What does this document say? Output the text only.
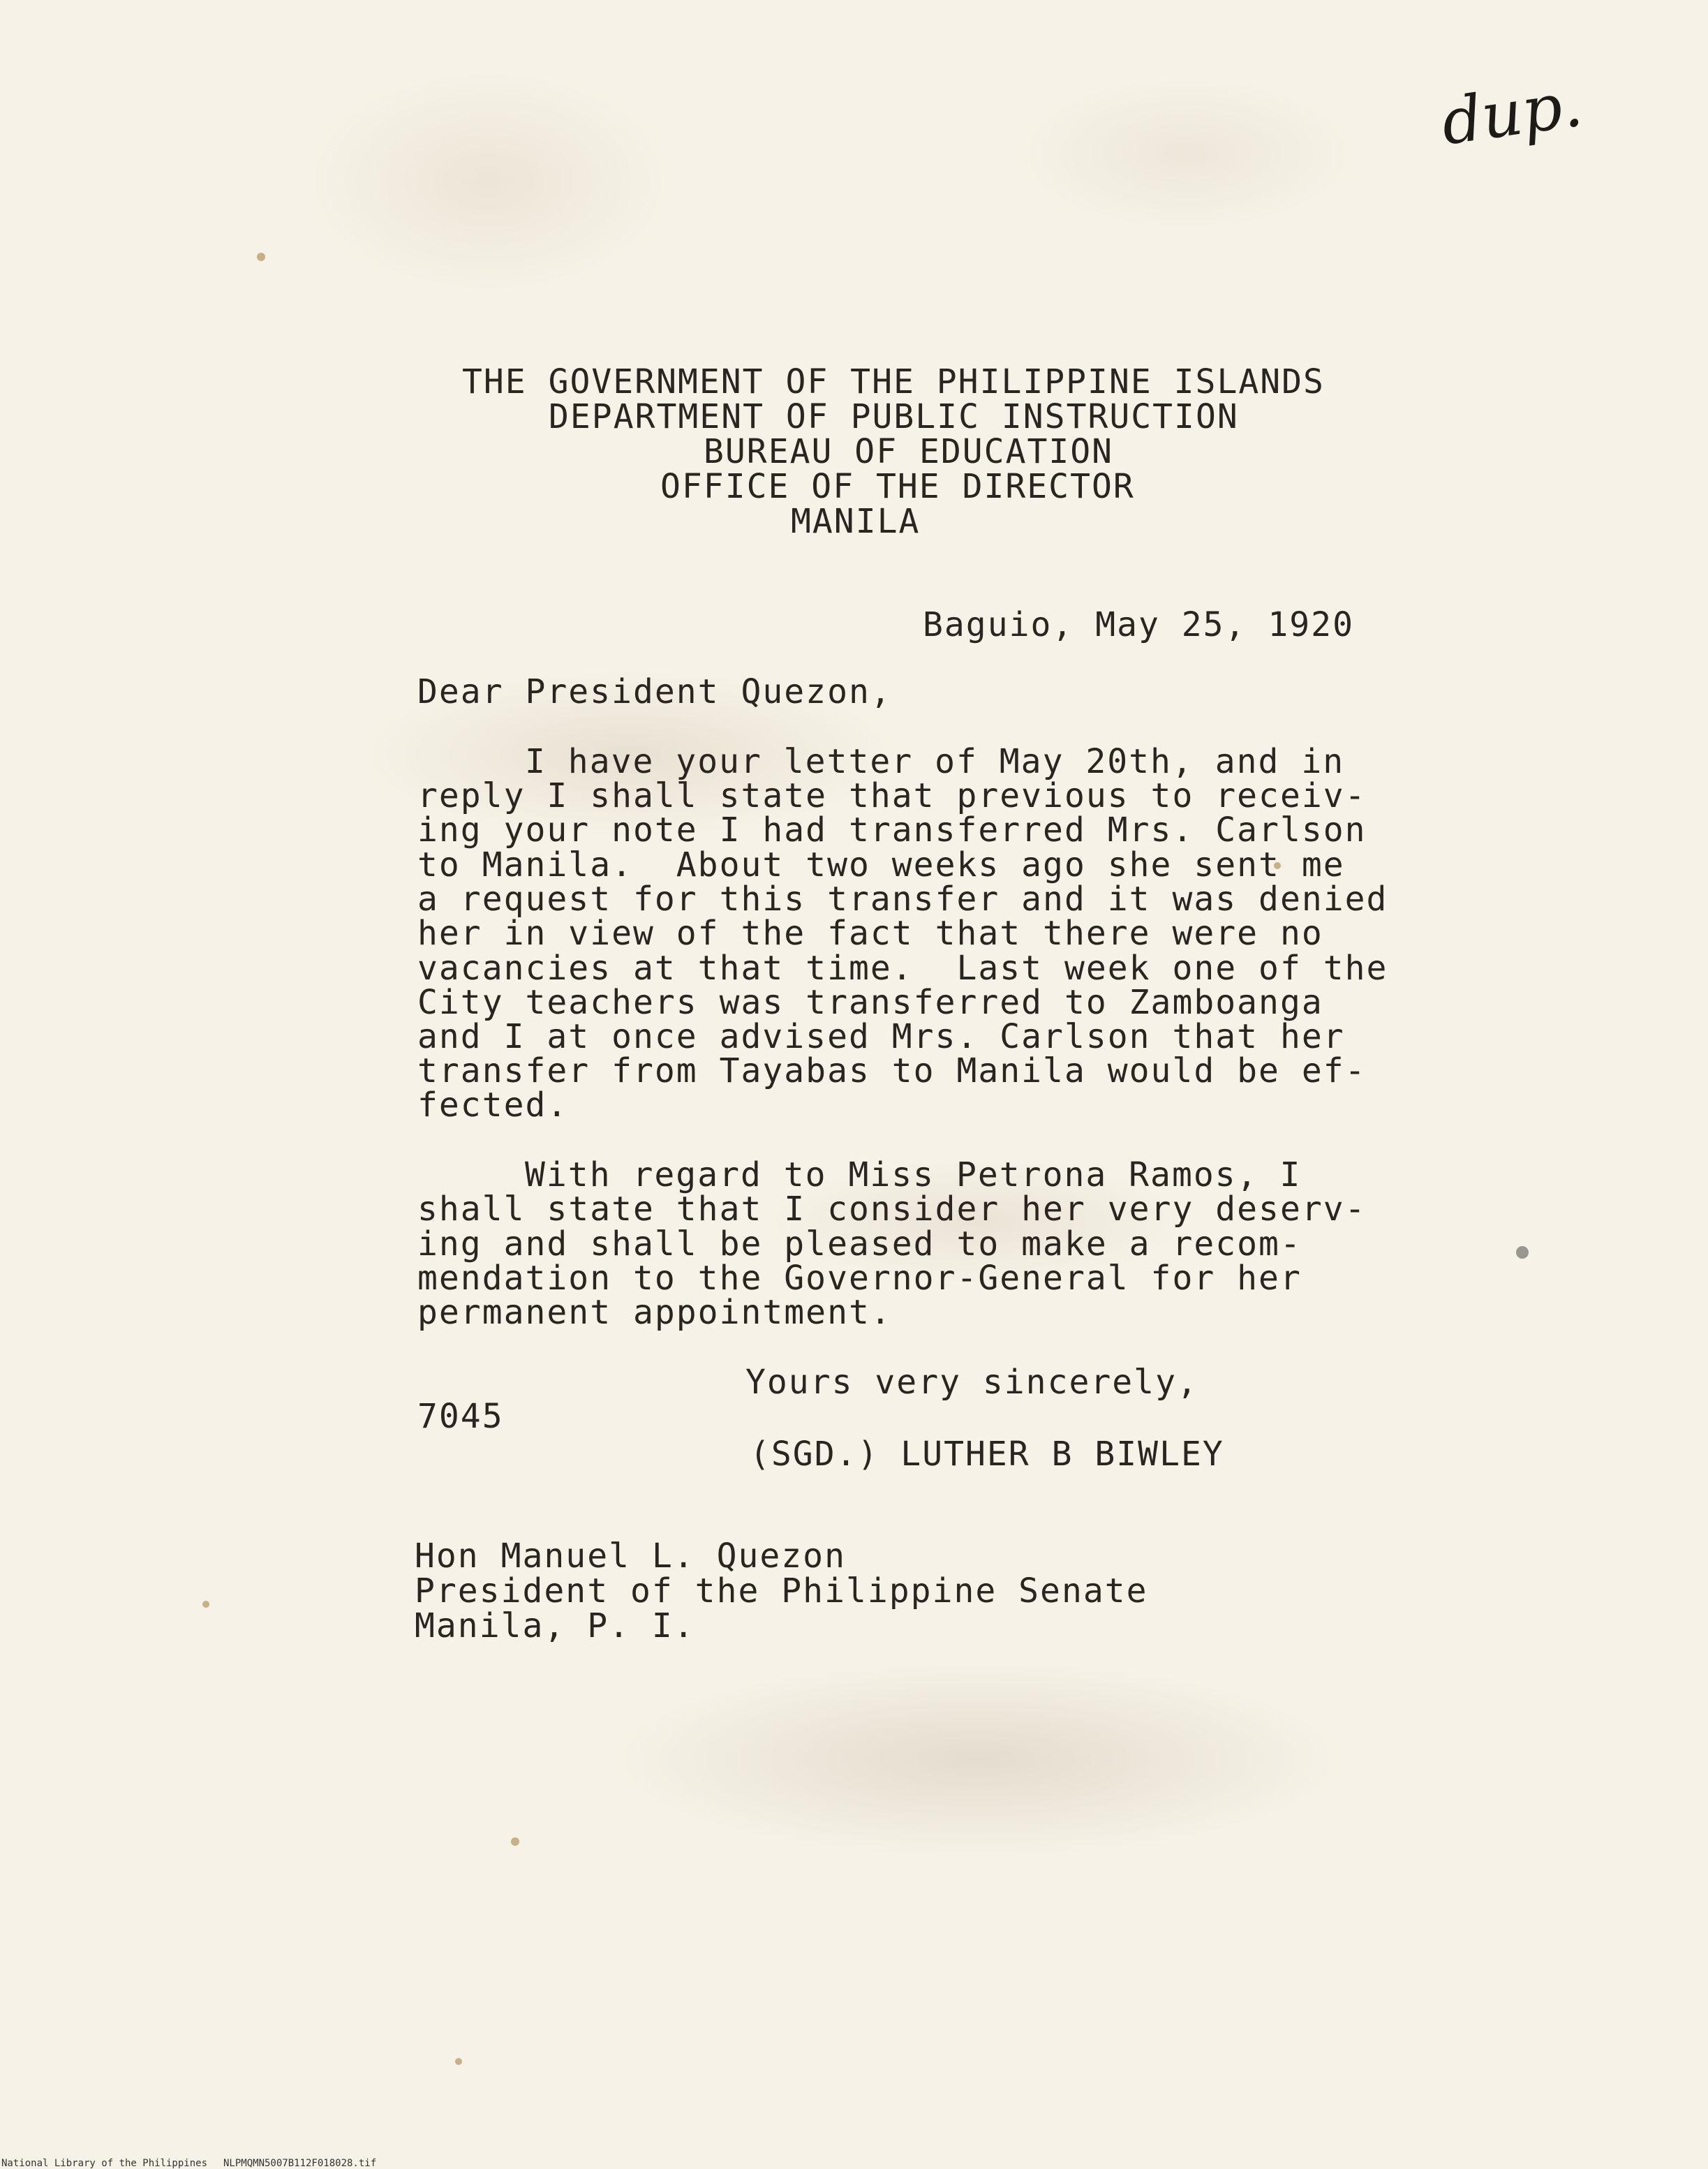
dup.
THE GOVERNMENT OF THE PHILIPPINE ISLANDS
DEPARTMENT OF PUBLIC INSTRUCTION
BUREAU OF EDUCATION
OFFICE OF THE DIRECTOR
MANILA
Baguio, May 25, 1920
Dear President Quezon,
I have your letter of May 20th, and in
reply I shall state that previous to receiv-
ing your note I had transferred Mrs. Carlson
to Manila.  About two weeks ago she sent me
a request for this transfer and it was denied
her in view of the fact that there were no
vacancies at that time.  Last week one of the
City teachers was transferred to Zamboanga
and I at once advised Mrs. Carlson that her
transfer from Tayabas to Manila would be ef-
fected.
With regard to Miss Petrona Ramos, I
shall state that I consider her very deserv-
ing and shall be pleased to make a recom-
mendation to the Governor-General for her
permanent appointment.
Yours very sincerely,
7045
(SGD.) LUTHER B BIWLEY
Hon Manuel L. Quezon
President of the Philippine Senate
Manila, P. I.
National Library of the Philippines NLPMQMN5007B112F018028.tif
